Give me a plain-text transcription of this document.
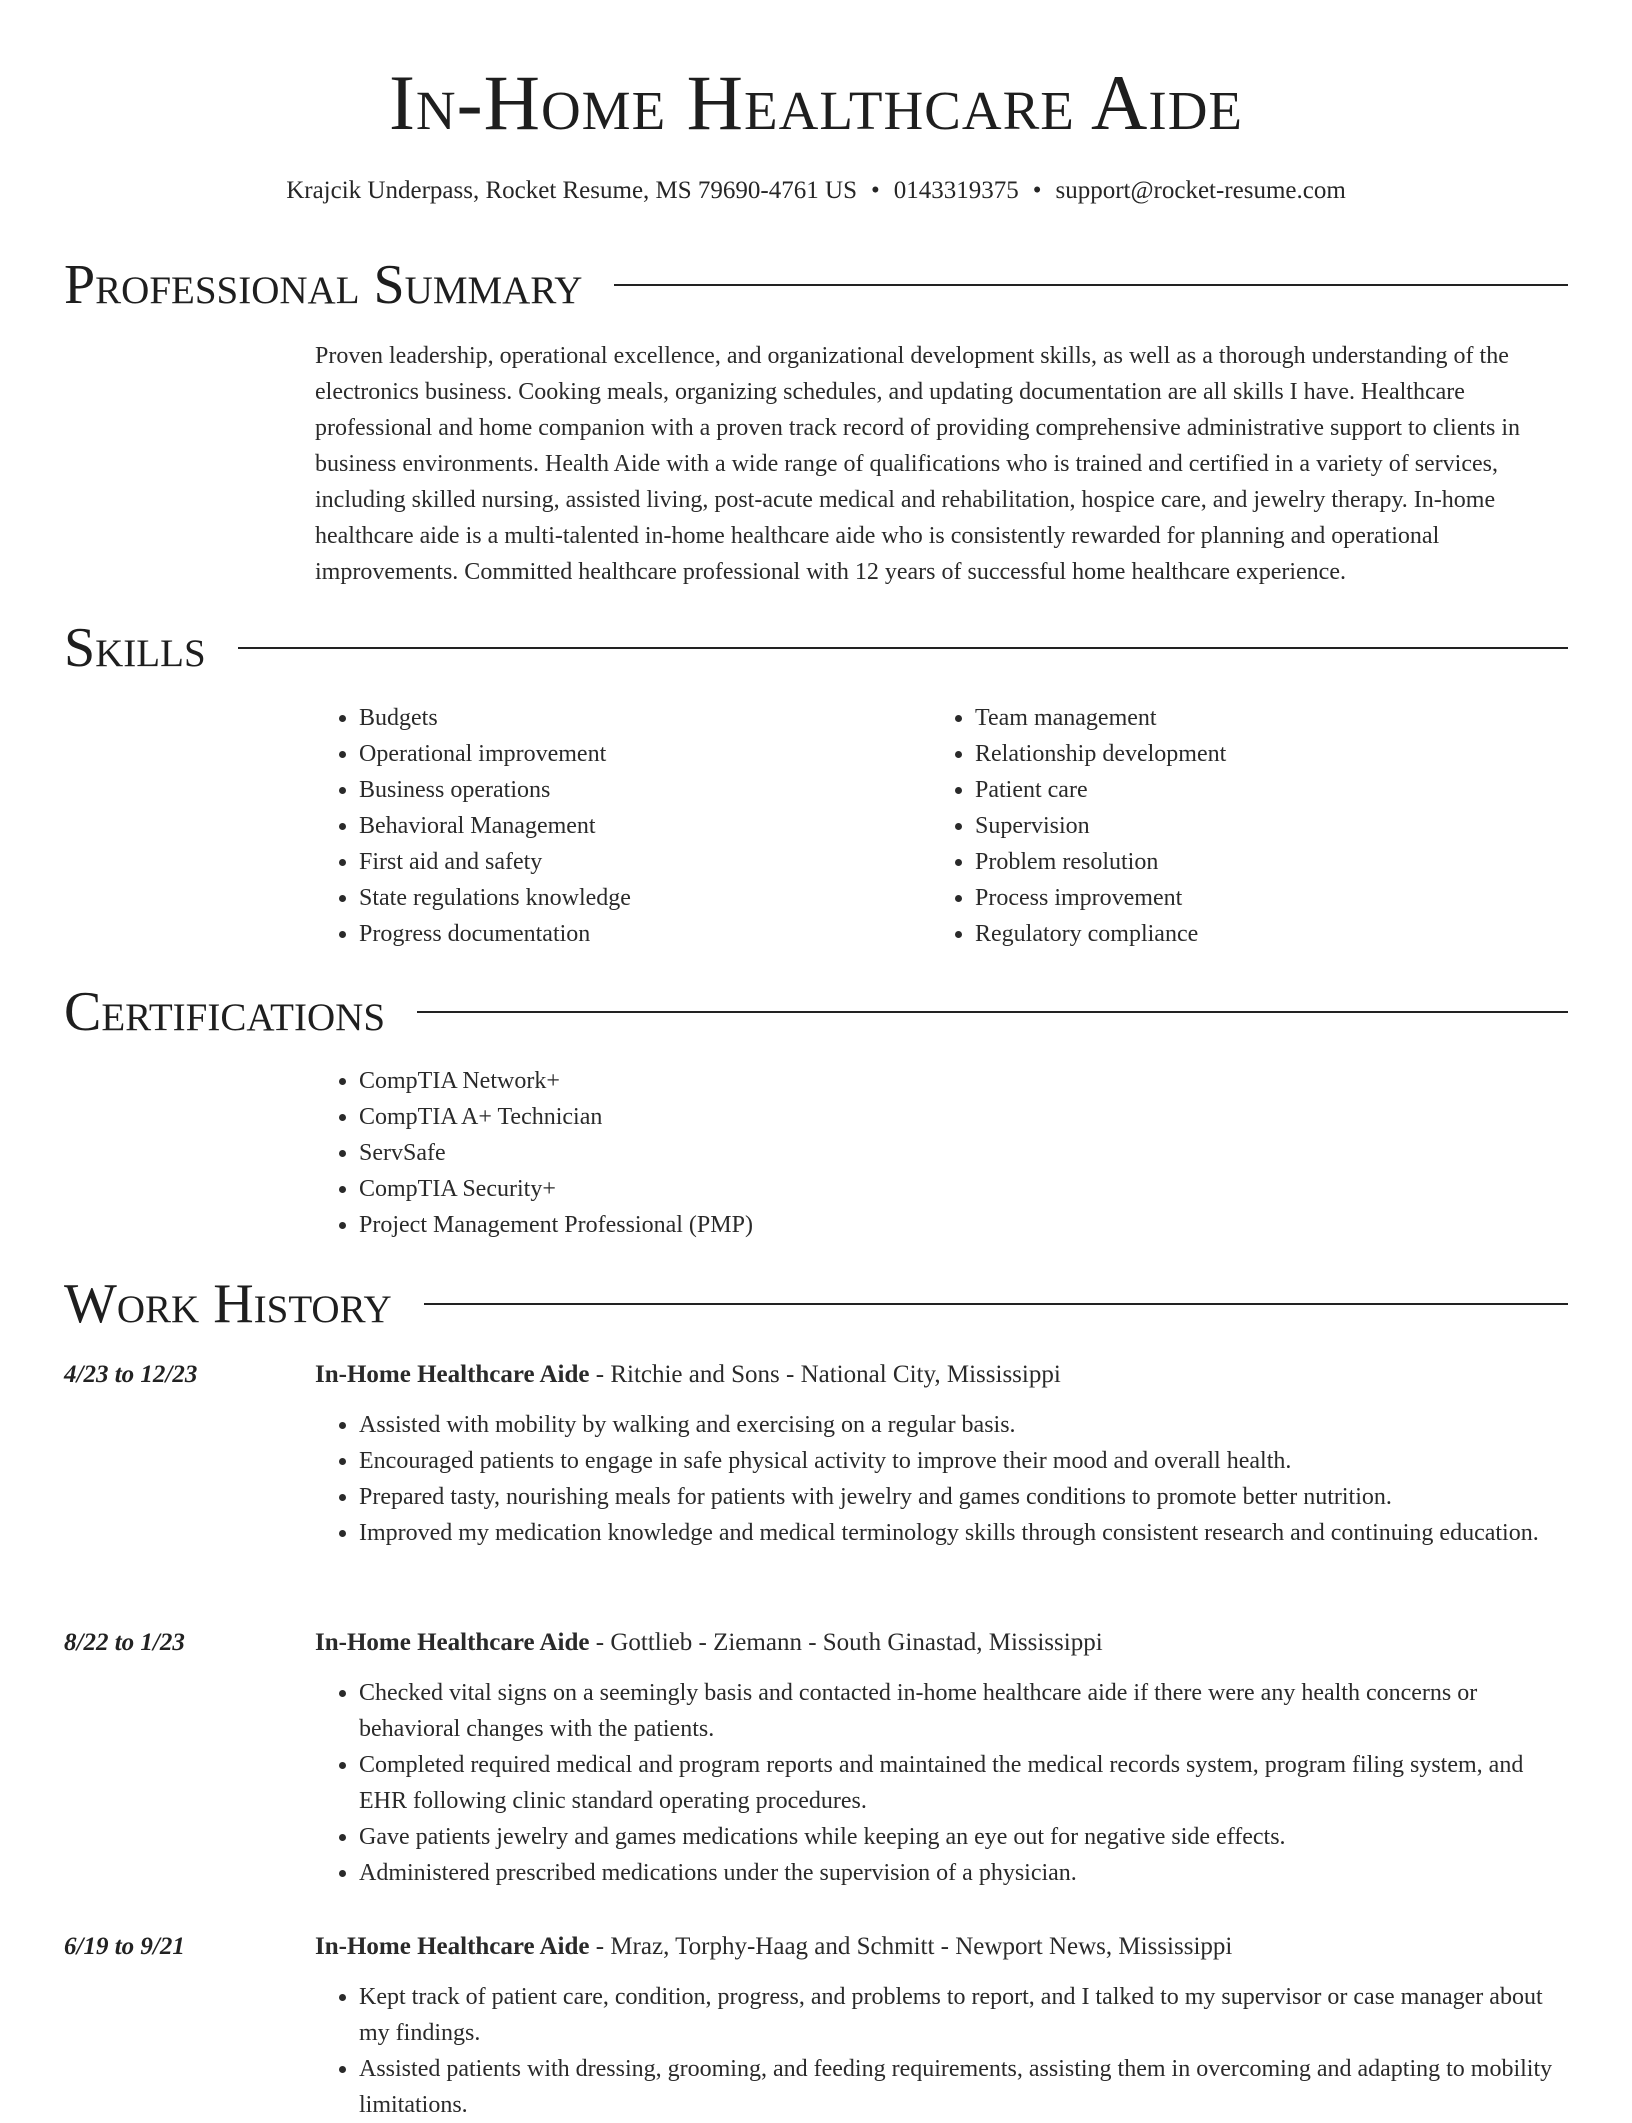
In-Home Healthcare Aide
Krajcik Underpass, Rocket Resume, MS 79690-4761 US • 0143319375 • support@rocket-resume.com
Professional Summary

Proven leadership, operational excellence, and organizational development skills, as well as a thorough understanding of the electronics business. Cooking meals, organizing schedules, and updating documentation are all skills I have. Healthcare professional and home companion with a proven track record of providing comprehensive administrative support to clients in business environments. Health Aide with a wide range of qualifications who is trained and certified in a variety of services, including skilled nursing, assisted living, post-acute medical and rehabilitation, hospice care, and jewelry therapy. In-home healthcare aide is a multi-talented in-home healthcare aide who is consistently rewarded for planning and operational improvements. Committed healthcare professional with 12 years of successful home healthcare experience.

Skills
• Budgets
• Operational improvement
• Business operations
• Behavioral Management
• First aid and safety
• State regulations knowledge
• Progress documentation
• Team management
• Relationship development
• Patient care
• Supervision
• Problem resolution
• Process improvement
• Regulatory compliance
Certifications
• CompTIA Network+
• CompTIA A+ Technician
• ServSafe
• CompTIA Security+
• Project Management Professional (PMP)
Work History
4/23 to 12/23	In-Home Healthcare Aide - Ritchie and Sons - National City, Mississippi
• Assisted with mobility by walking and exercising on a regular basis.
• Encouraged patients to engage in safe physical activity to improve their mood and overall health.
• Prepared tasty, nourishing meals for patients with jewelry and games conditions to promote better nutrition.
• Improved my medication knowledge and medical terminology skills through consistent research and continuing education.
8/22 to 1/23	In-Home Healthcare Aide - Gottlieb - Ziemann - South Ginastad, Mississippi
• Checked vital signs on a seemingly basis and contacted in-home healthcare aide if there were any health concerns or behavioral changes with the patients.
• Completed required medical and program reports and maintained the medical records system, program filing system, and EHR following clinic standard operating procedures.
• Gave patients jewelry and games medications while keeping an eye out for negative side effects.
• Administered prescribed medications under the supervision of a physician.
6/19 to 9/21	In-Home Healthcare Aide - Mraz, Torphy-Haag and Schmitt - Newport News, Mississippi
• Kept track of patient care, condition, progress, and problems to report, and I talked to my supervisor or case manager about my findings.
• Assisted patients with dressing, grooming, and feeding requirements, assisting them in overcoming and adapting to mobility limitations.
